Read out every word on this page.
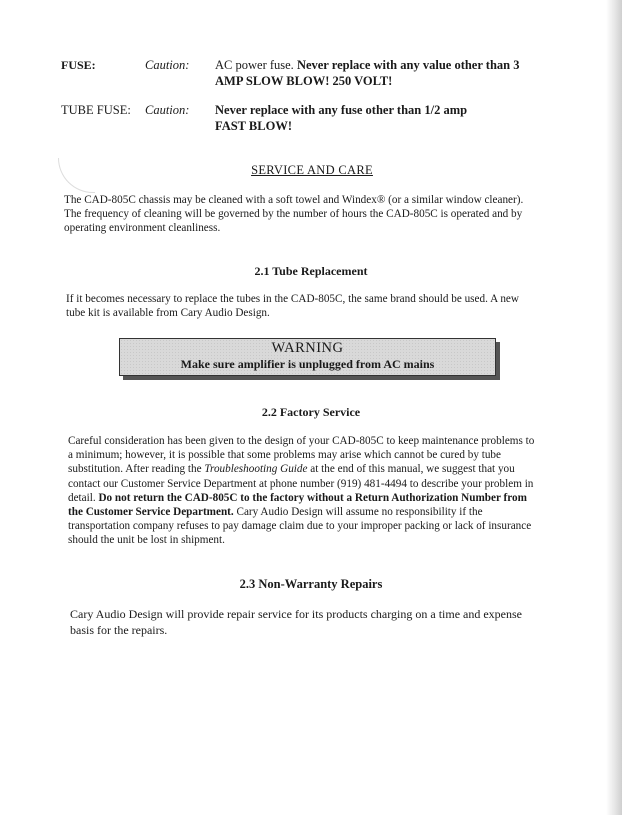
FUSE:	Caution: AC power fuse. Never replace with any value other than 3
AMP SLOW BLOW! 250 VOLT!
TUBE FUSE: Caution: Never replace with any fuse other than 1/2 amp
FAST BLOW!
SERVICE AND CARE
The CAD-805C chassis may be cleaned with a soft towel and Windex® (or a similar window cleaner).
The frequency of cleaning will be governed by the number of hours the CAD-805C is operated and by
operating environment cleanliness.
2.1 Tube Replacement
If it becomes necessary to replace the tubes in the CAD-805C, the same brand should be used. A new
tube kit is available from Cary Audio Design.
WARNING
Make sure amplifier is unplugged from AC mains
2.2 Factory Service
Careful consideration has been given to the design of your CAD-805C to keep maintenance problems to
a minimum; however, it is possible that some problems may arise which cannot be cured by tube
substitution. After reading the Troubleshooting Guide at the end of this manual, we suggest that you
contact our Customer Service Department at phone number (919) 481-4494 to describe your problem in
detail. Do not return the CAD-805C to the factory without a Return Authorization Number from
the Customer Service Department. Cary Audio Design will assume no responsibility if the
transportation company refuses to pay damage claim due to your improper packing or lack of insurance
should the unit be lost in shipment.
2.3 Non-Warranty Repairs
Cary Audio Design will provide repair service for its products charging on a time and expense
basis for the repairs.
